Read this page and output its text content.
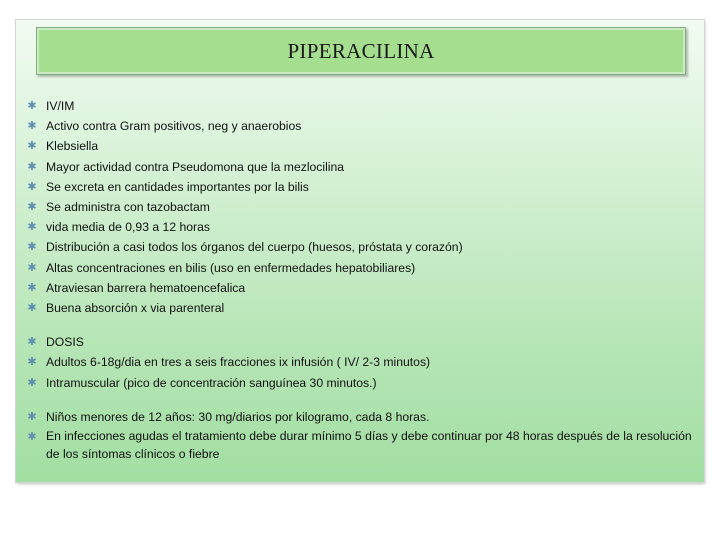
PIPERACILINA
✱ IV/IM
✱ Activo contra Gram positivos, neg y anaerobios
✱ Klebsiella
✱ Mayor actividad contra Pseudomona que la mezlocilina
✱ Se excreta en cantidades importantes por la bilis
✱ Se administra con tazobactam
✱ vida media de 0,93 a 12 horas
✱ Distribución a casi todos los órganos del cuerpo (huesos, próstata y corazón)
✱ Altas concentraciones en bilis (uso en enfermedades hepatobiliares)
✱ Atraviesan barrera hematoencefalica
✱ Buena absorción x via parenteral
✱ DOSIS
✱ Adultos 6-18g/dia en tres a seis fracciones ix infusión ( IV/ 2-3 minutos)
✱ Intramuscular (pico de concentración sanguínea 30 minutos.)
✱ Niños menores de 12 años: 30 mg/diarios por kilogramo, cada 8 horas.
✱ En infecciones agudas el tratamiento debe durar mínimo 5 días y debe continuar por 48 horas después de la resolución de los síntomas clínicos o fiebre
